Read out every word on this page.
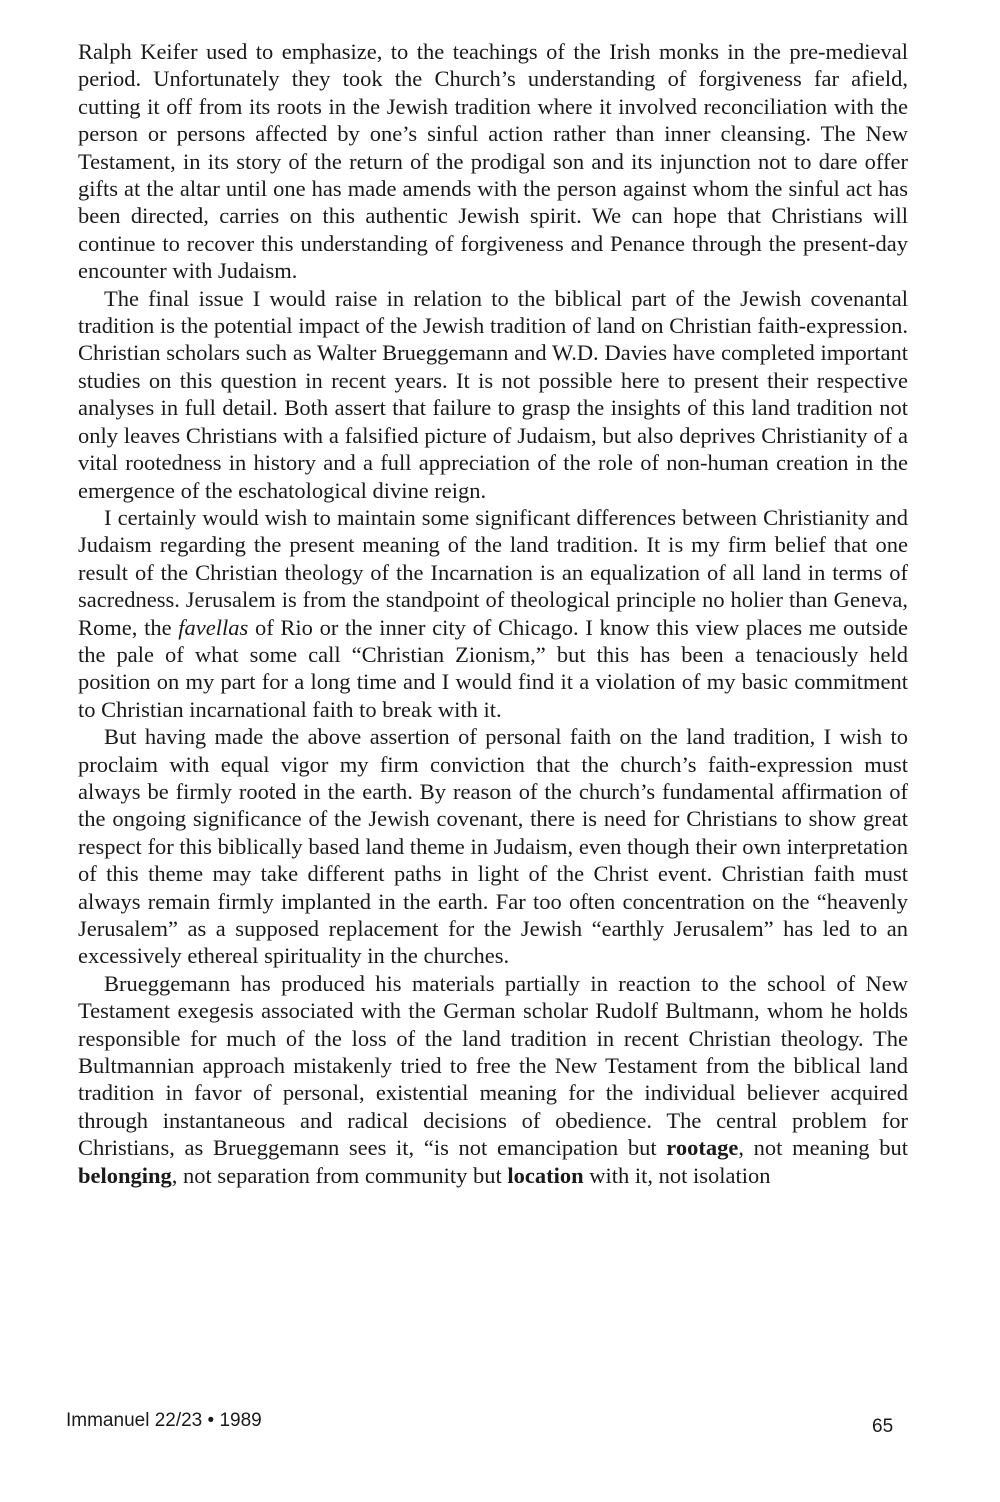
Ralph Keifer used to emphasize, to the teachings of the Irish monks in the pre-medieval period. Unfortunately they took the Church’s understanding of forgiveness far afield, cutting it off from its roots in the Jewish tradition where it involved reconciliation with the person or persons affected by one’s sinful action rather than inner cleansing. The New Testament, in its story of the return of the prodigal son and its injunction not to dare offer gifts at the altar until one has made amends with the person against whom the sinful act has been directed, carries on this authentic Jewish spirit. We can hope that Christians will continue to recover this understanding of forgiveness and Penance through the present-day encounter with Judaism.

The final issue I would raise in relation to the biblical part of the Jewish covenantal tradition is the potential impact of the Jewish tradition of land on Christian faith-expression. Christian scholars such as Walter Brueggemann and W.D. Davies have completed important studies on this question in recent years. It is not possible here to present their respective analyses in full detail. Both assert that failure to grasp the insights of this land tradition not only leaves Christians with a falsified picture of Judaism, but also deprives Christianity of a vital rootedness in history and a full appreciation of the role of non-human creation in the emergence of the eschatological divine reign.

I certainly would wish to maintain some significant differences between Christianity and Judaism regarding the present meaning of the land tradition. It is my firm belief that one result of the Christian theology of the Incarnation is an equalization of all land in terms of sacredness. Jerusalem is from the standpoint of theological principle no holier than Geneva, Rome, the favellas of Rio or the inner city of Chicago. I know this view places me outside the pale of what some call “Christian Zionism,” but this has been a tenaciously held position on my part for a long time and I would find it a violation of my basic commitment to Christian incarnational faith to break with it.

But having made the above assertion of personal faith on the land tradition, I wish to proclaim with equal vigor my firm conviction that the church’s faith-expression must always be firmly rooted in the earth. By reason of the church’s fundamental affirmation of the ongoing significance of the Jewish covenant, there is need for Christians to show great respect for this biblically based land theme in Judaism, even though their own interpretation of this theme may take different paths in light of the Christ event. Christian faith must always remain firmly implanted in the earth. Far too often concentration on the “heavenly Jerusalem” as a supposed replacement for the Jewish “earthly Jerusalem” has led to an excessively ethereal spirituality in the churches.

Brueggemann has produced his materials partially in reaction to the school of New Testament exegesis associated with the German scholar Rudolf Bultmann, whom he holds responsible for much of the loss of the land tradition in recent Christian theology. The Bultmannian approach mistakenly tried to free the New Testament from the biblical land tradition in favor of personal, existential meaning for the individual believer acquired through instantaneous and radical decisions of obedience. The central problem for Christians, as Brueggemann sees it, “is not emancipation but rootage, not meaning but belonging, not separation from community but location with it, not isolation

Immanuel 22/23 • 1989	65
